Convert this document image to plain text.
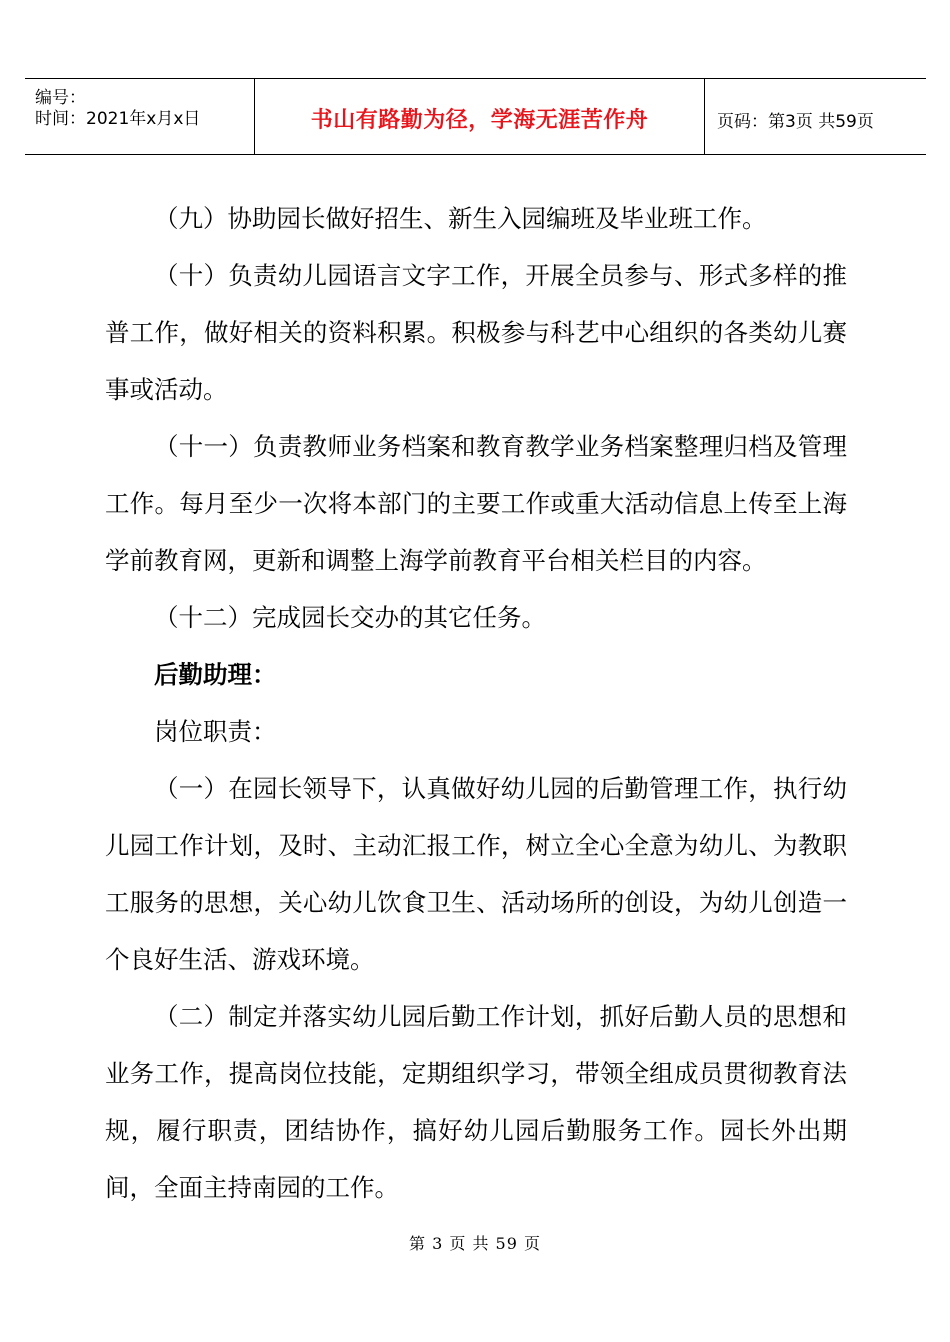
编号：
时间：2021年x月x日	书山有路勤为径，学海无涯苦作舟	页码：第3页 共59页

（九）协助园长做好招生、新生入园编班及毕业班工作。

（十）负责幼儿园语言文字工作，开展全员参与、形式多样的推普工作，做好相关的资料积累。积极参与科艺中心组织的各类幼儿赛事或活动。

（十一）负责教师业务档案和教育教学业务档案整理归档及管理工作。每月至少一次将本部门的主要工作或重大活动信息上传至上海学前教育网，更新和调整上海学前教育平台相关栏目的内容。

（十二）完成园长交办的其它任务。

后勤助理：

岗位职责：

（一）在园长领导下，认真做好幼儿园的后勤管理工作，执行幼儿园工作计划，及时、主动汇报工作，树立全心全意为幼儿、为教职工服务的思想，关心幼儿饮食卫生、活动场所的创设，为幼儿创造一个良好生活、游戏环境。

（二）制定并落实幼儿园后勤工作计划，抓好后勤人员的思想和业务工作，提高岗位技能，定期组织学习，带领全组成员贯彻教育法规，履行职责，团结协作，搞好幼儿园后勤服务工作。园长外出期间，全面主持南园的工作。

第 3 页 共 59 页
